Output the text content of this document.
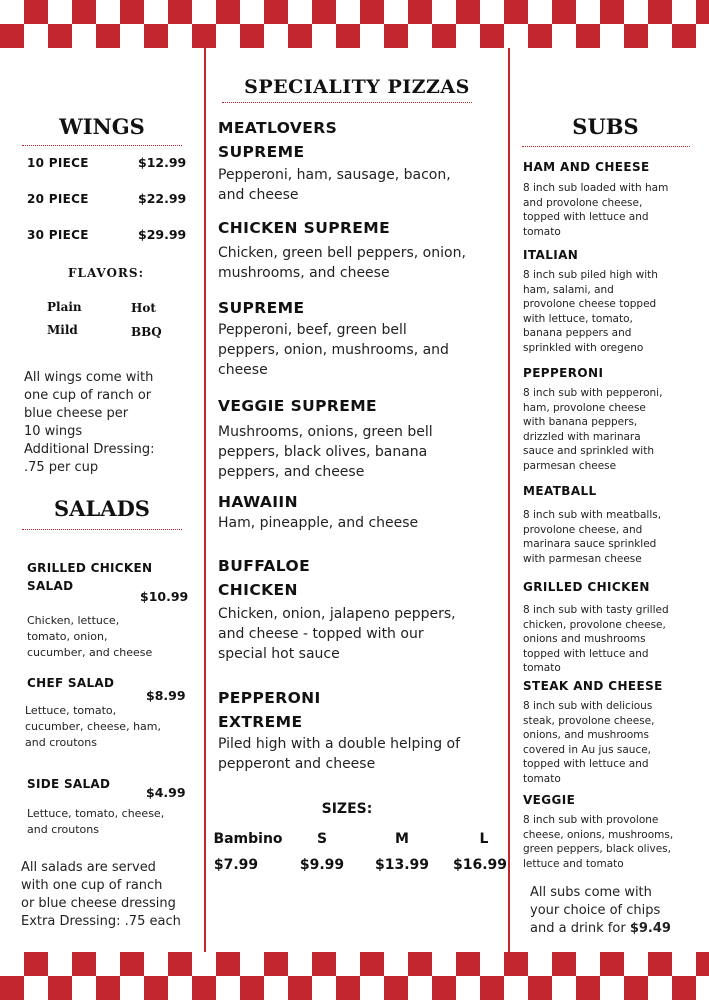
WINGS
10 PIECE	$12.99
20 PIECE	$22.99
30 PIECE	$29.99
FLAVORS:
Plain	Hot
Mild	BBQ
All wings come with
one cup of ranch or
blue cheese per
10 wings
Additional Dressing:
.75 per cup
SALADS
GRILLED CHICKEN
SALAD
$10.99
Chicken, lettuce,
tomato, onion,
cucumber, and cheese
CHEF SALAD
$8.99
Lettuce, tomato,
cucumber, cheese, ham,
and croutons
SIDE SALAD
$4.99
Lettuce, tomato, cheese,
and croutons
All salads are served
with one cup of ranch
or blue cheese dressing
Extra Dressing: .75 each
SPECIALITY PIZZAS
MEATLOVERS
SUPREME
Pepperoni, ham, sausage, bacon,
and cheese
CHICKEN SUPREME
Chicken, green bell peppers, onion,
mushrooms, and cheese
SUPREME
Pepperoni, beef, green bell
peppers, onion, mushrooms, and
cheese
VEGGIE SUPREME
Mushrooms, onions, green bell
peppers, black olives, banana
peppers, and cheese
HAWAIIN
Ham, pineapple, and cheese
BUFFALOE
CHICKEN
Chicken, onion, jalapeno peppers,
and cheese - topped with our
special hot sauce
PEPPERONI
EXTREME
Piled high with a double helping of
pepperont and cheese
SIZES:
Bambino	S	M	L
$7.99	$9.99	$13.99 $16.99
SUBS
HAM AND CHEESE
8 inch sub loaded with ham
and provolone cheese,
topped with lettuce and
tomato
ITALIAN
8 inch sub piled high with
ham, salami, and
provolone cheese topped
with lettuce, tomato,
banana peppers and
sprinkled with oregeno
PEPPERONI
8 inch sub with pepperoni,
ham, provolone cheese
with banana peppers,
drizzled with marinara
sauce and sprinkled with
parmesan cheese
MEATBALL
8 inch sub with meatballs,
provolone cheese, and
marinara sauce sprinkled
with parmesan cheese
GRILLED CHICKEN
8 inch sub with tasty grilled
chicken, provolone cheese,
onions and mushrooms
topped with lettuce and
tomato
STEAK AND CHEESE
8 inch sub with delicious
steak, provolone cheese,
onions, and mushrooms
covered in Au jus sauce,
topped with lettuce and
tomato
VEGGIE
8 inch sub with provolone
cheese, onions, mushrooms,
green peppers, black olives,
lettuce and tomato
All subs come with
your choice of chips
and a drink for $9.49
